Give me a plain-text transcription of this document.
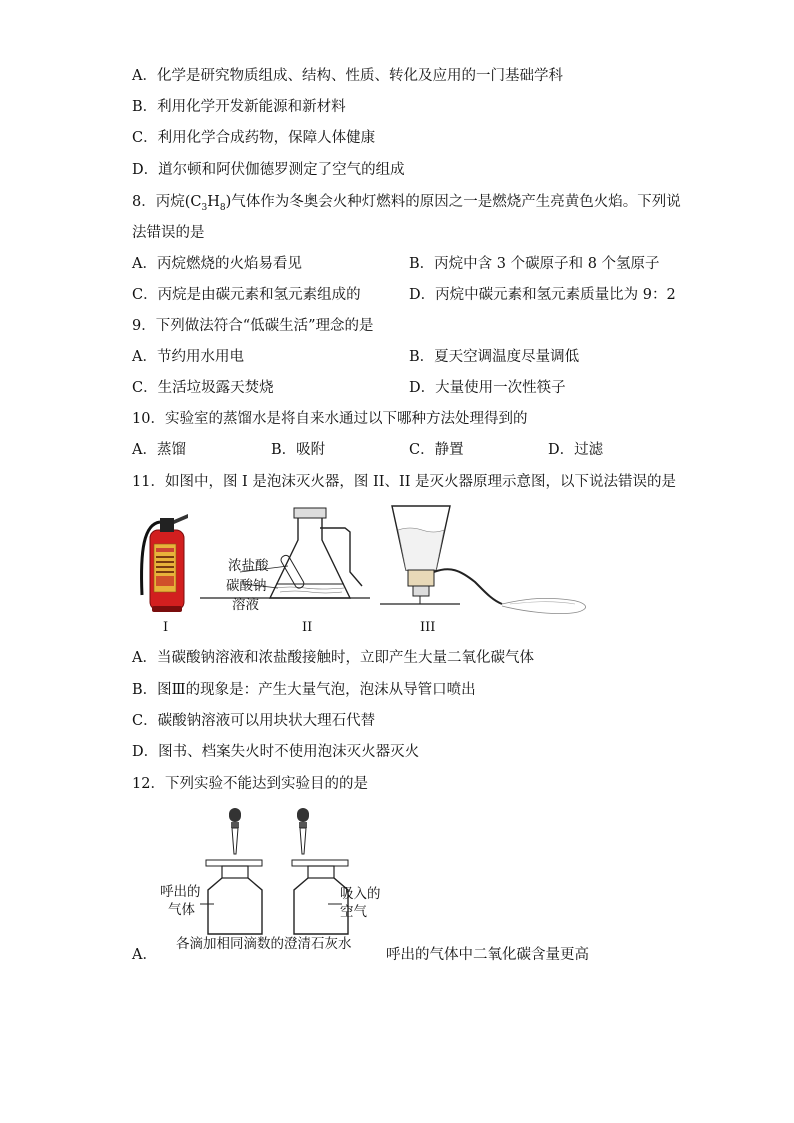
A．化学是研究物质组成、结构、性质、转化及应用的一门基础学科
B．利用化学开发新能源和新材料
C．利用化学合成药物，保障人体健康
D．道尔顿和阿伏伽德罗测定了空气的组成
8．丙烷$(C_3H_8)$气体作为冬奥会火种灯燃料的原因之一是燃烧产生亮黄色火焰。下列说
法错误的是
A．丙烷燃烧的火焰易看见	B．丙烷中含 3 个碳原子和 8 个氢原子
C．丙烷是由碳元素和氢元素组成的	D．丙烷中碳元素和氢元素质量比为 9：2
9．下列做法符合“低碳生活”理念的是
A．节约用水用电	B．夏天空调温度尽量调低
C．生活垃圾露天焚烧	D．大量使用一次性筷子
10．实验室的蒸馏水是将自来水通过以下哪种方法处理得到的
A．蒸馏	B．吸附	C．静置	D．过滤
11．如图中，图 I 是泡沫灭火器，图 II、II 是灭火器原理示意图，以下说法错误的是
浓盐酸
碳酸钠
溶液
I	II	III
A．当碳酸钠溶液和浓盐酸接触时，立即产生大量二氧化碳气体
B．图Ⅲ的现象是：产生大量气泡，泡沫从导管口喷出
C．碳酸钠溶液可以用块状大理石代替
D．图书、档案失火时不使用泡沫灭火器灭火
12．下列实验不能达到实验目的的是
呼出的
气体
吸入的
空气
各滴加相同滴数的澄清石灰水
A．	呼出的气体中二氧化碳含量更高
